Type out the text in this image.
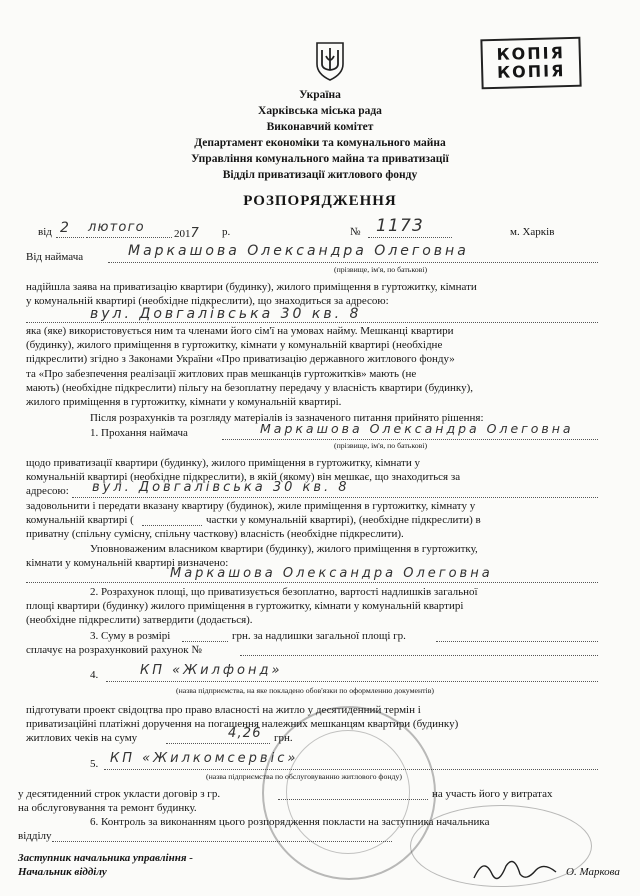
КОПІЯ
КОПІЯ
Україна
Харківська міська рада
Виконавчий комітет
Департамент економіки та комунального майна
Управління комунального майна та приватизації
Відділ приватизації житлового фонду
РОЗПОРЯДЖЕННЯ
від 2 лютого	2017 р.	№ 1173	м. Харків
Від наймача	Маркашова Олександра Олеговна
(прізвище, ім'я, по батькові)
надійшла заява на приватизацію квартири (будинку), жилого приміщення в гуртожитку, кімнати
у комунальній квартирі (необхідне підкреслити), що знаходиться за адресою:
вул. Довгалівська 30 кв. 8
яка (яке) використовується ним та членами його сім'ї на умовах найму. Мешканці квартири
(будинку), жилого приміщення в гуртожитку, кімнати у комунальній квартирі (необхідне
підкреслити) згідно з Законами України «Про приватизацію державного житлового фонду»
та «Про забезпечення реалізації житлових прав мешканців гуртожитків» мають (не
мають) (необхідне підкреслити) пільгу на безоплатну передачу у власність квартири (будинку),
жилого приміщення в гуртожитку, кімнати у комунальній квартирі.
Після розрахунків та розгляду матеріалів із зазначеного питання прийнято рішення:
1. Прохання наймача	Маркашова Олександра Олеговна
(прізвище, ім'я, по батькові)
щодо приватизації квартири (будинку), жилого приміщення в гуртожитку, кімнати у
комунальній квартирі (необхідне підкреслити), в якій (якому) він мешкає, що знаходиться за
адресою: вул. Довгалівська 30 кв. 8
задовольнити і передати вказану квартиру (будинок), жиле приміщення в гуртожитку, кімнату у
комунальній квартирі (	частки у комунальній квартирі), (необхідне підкреслити) в
приватну (спільну сумісну, спільну часткову) власність (необхідне підкреслити).
Уповноваженим власником квартири (будинку), жилого приміщення в гуртожитку,
кімнати у комунальній квартирі визначено:
Маркашова Олександра Олеговна
2. Розрахунок площі, що приватизується безоплатно, вартості надлишків загальної
площі квартири (будинку) жилого приміщення в гуртожитку, кімнати у комунальній квартирі
(необхідне підкреслити) затвердити (додається).
3. Суму в розмірі	грн. за надлишки загальної площі гр.
сплачує на розрахунковий рахунок №
4.	КП «Жилфонд»
(назва підприємства, на яке покладено обов'язки по оформленню документів)
підготувати проект свідоцтва про право власності на житло у десятиденний термін і
приватизаційні платіжні доручення на погашення належних мешканцям квартири (будинку)
житлових чеків на суму	4,26 грн.
5. КП «Жилкомсервіс»
(назва підприємства по обслуговуванню житлового фонду)
у десятиденний строк укласти договір з гр.	на участь його у витратах
на обслуговування та ремонт будинку.
6. Контроль за виконанням цього розпорядження покласти на заступника начальника
відділу
Заступник начальника управління -
Начальник відділу	О. Маркова
